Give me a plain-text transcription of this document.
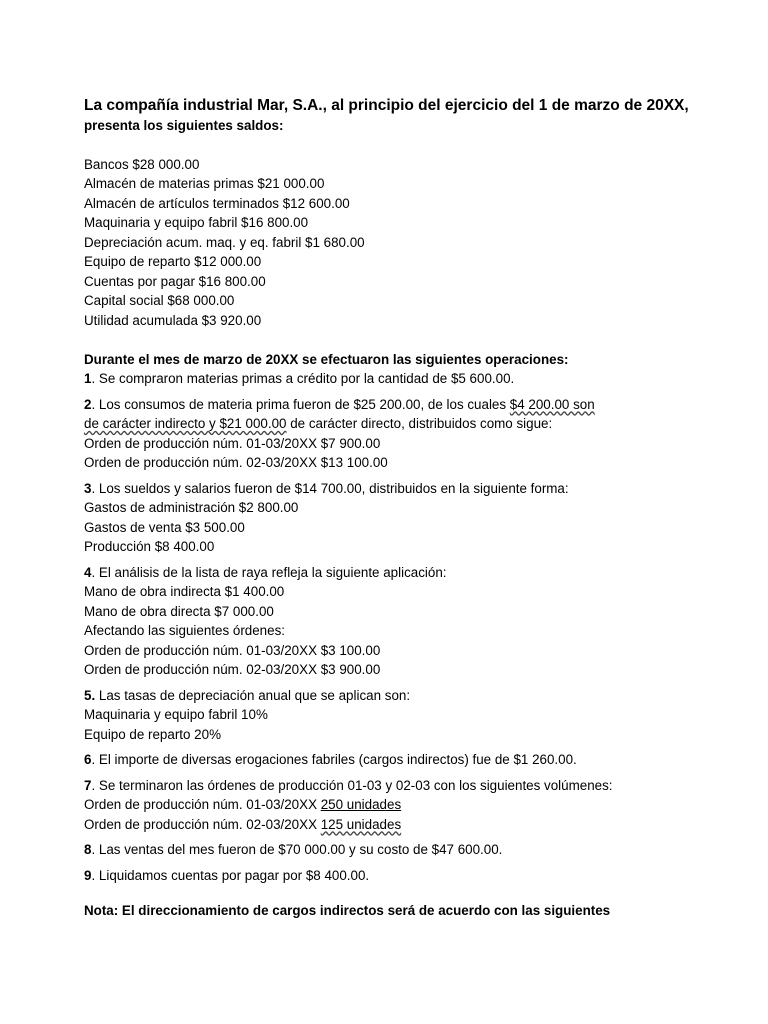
La compañía industrial Mar, S.A., al principio del ejercicio del 1 de marzo de 20XX,

presenta los siguientes saldos:

Bancos $28 000.00

Almacén de materias primas $21 000.00

Almacén de artículos terminados $12 600.00

Maquinaria y equipo fabril $16 800.00

Depreciación acum. maq. y eq. fabril $1 680.00

Equipo de reparto $12 000.00

Cuentas por pagar $16 800.00

Capital social $68 000.00

Utilidad acumulada $3 920.00

Durante el mes de marzo de 20XX se efectuaron las siguientes operaciones:

1. Se compraron materias primas a crédito por la cantidad de $5 600.00.

2. Los consumos de materia prima fueron de $25 200.00, de los cuales $4 200.00 son

de carácter indirecto y $21 000.00 de carácter directo, distribuidos como sigue:

Orden de producción núm. 01-03/20XX $7 900.00

Orden de producción núm. 02-03/20XX $13 100.00

3. Los sueldos y salarios fueron de $14 700.00, distribuidos en la siguiente forma:

Gastos de administración $2 800.00

Gastos de venta $3 500.00

Producción $8 400.00

4. El análisis de la lista de raya refleja la siguiente aplicación:

Mano de obra indirecta $1 400.00

Mano de obra directa $7 000.00

Afectando las siguientes órdenes:

Orden de producción núm. 01-03/20XX $3 100.00

Orden de producción núm. 02-03/20XX $3 900.00

5. Las tasas de depreciación anual que se aplican son:

Maquinaria y equipo fabril 10%

Equipo de reparto 20%

6. El importe de diversas erogaciones fabriles (cargos indirectos) fue de $1 260.00.

7. Se terminaron las órdenes de producción 01-03 y 02-03 con los siguientes volúmenes:

Orden de producción núm. 01-03/20XX 250 unidades

Orden de producción núm. 02-03/20XX 125 unidades

8. Las ventas del mes fueron de $70 000.00 y su costo de $47 600.00.

9. Liquidamos cuentas por pagar por $8 400.00.

Nota: El direccionamiento de cargos indirectos será de acuerdo con las siguientes
